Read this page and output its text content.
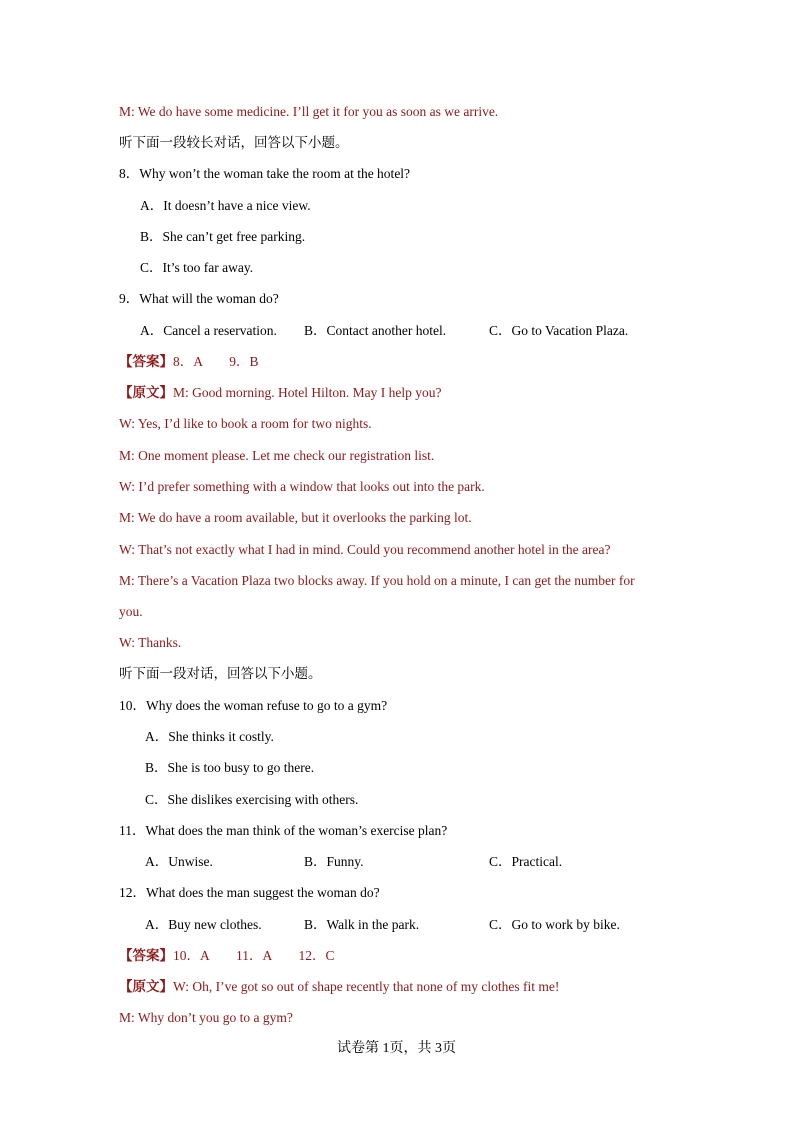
M: We do have some medicine. I’ll get it for you as soon as we arrive.
听下面一段较长对话，回答以下小题。
8．Why won’t the woman take the room at the hotel?
A．It doesn’t have a nice view.
B．She can’t get free parking.
C．It’s too far away.
9．What will the woman do?
A．Cancel a reservation. B．Contact another hotel.	C．Go to Vacation Plaza.
【答案】8．A　　9．B
【原文】M: Good morning. Hotel Hilton. May I help you?
W: Yes, I’d like to book a room for two nights.
M: One moment please. Let me check our registration list.
W: I’d prefer something with a window that looks out into the park.
M: We do have a room available, but it overlooks the parking lot.
W: That’s not exactly what I had in mind. Could you recommend another hotel in the area?
M: There’s a Vacation Plaza two blocks away. If you hold on a minute, I can get the number for
you.
W: Thanks.
听下面一段对话，回答以下小题。
10．Why does the woman refuse to go to a gym?
A．She thinks it costly.
B．She is too busy to go there.
C．She dislikes exercising with others.
11．What does the man think of the woman’s exercise plan?
A．Unwise.	B．Funny.	C．Practical.
12．What does the man suggest the woman do?
A．Buy new clothes.	B．Walk in the park.	C．Go to work by bike.
【答案】10．A　　11．A　　12．C
【原文】W: Oh, I’ve got so out of shape recently that none of my clothes fit me!
M: Why don’t you go to a gym?
试卷第 1页，共 3页
